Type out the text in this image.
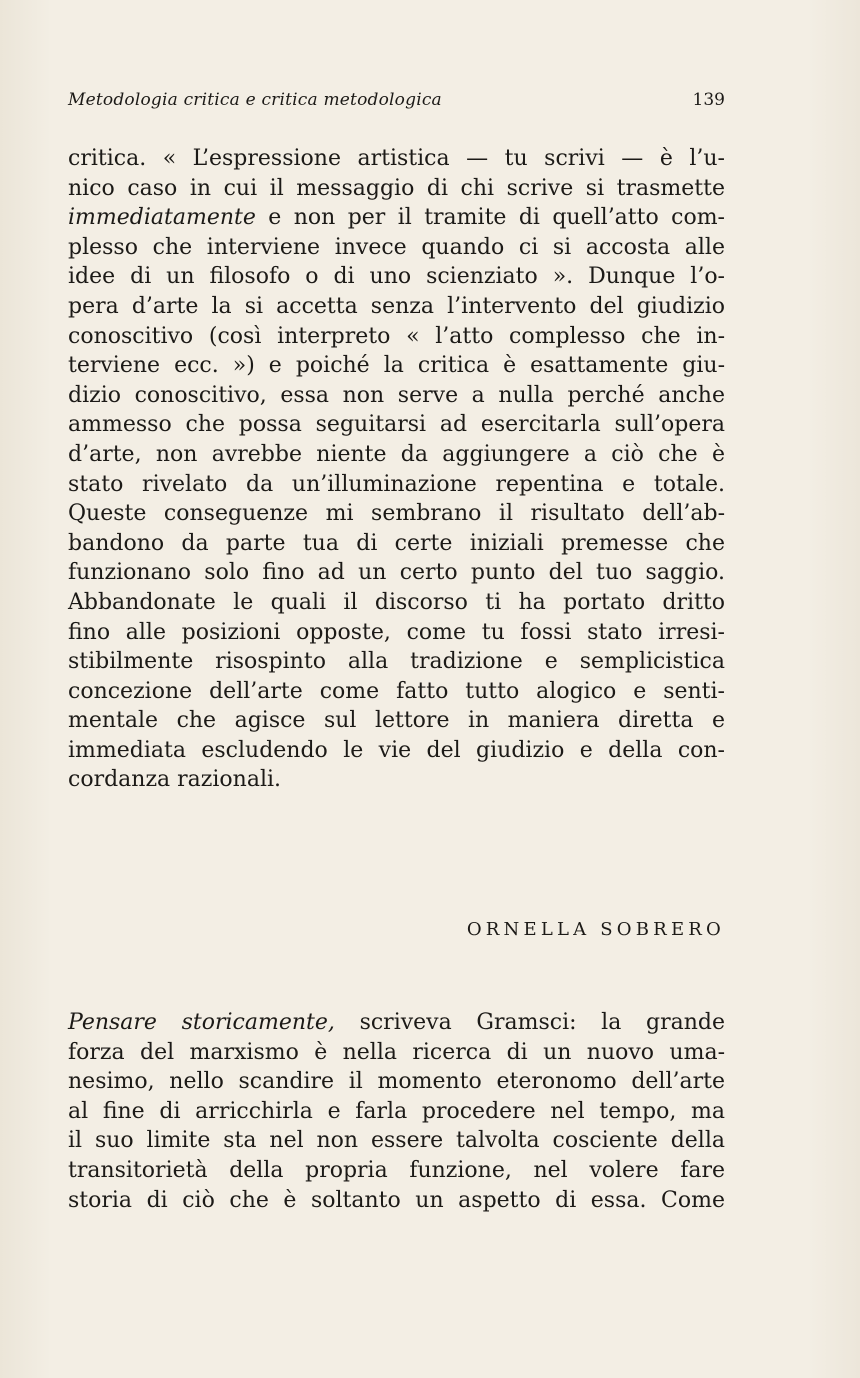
Metodologia critica e critica metodologica	139
critica. « L’espressione artistica — tu scrivi — è l’u-
nico caso in cui il messaggio di chi scrive si trasmette
immediatamente e non per il tramite di quell’atto com-
plesso che interviene invece quando ci si accosta alle
idee di un filosofo o di uno scienziato ». Dunque l’o-
pera d’arte la si accetta senza l’intervento del giudizio
conoscitivo (così interpreto « l’atto complesso che in-
terviene ecc. ») e poiché la critica è esattamente giu-
dizio conoscitivo, essa non serve a nulla perché anche
ammesso che possa seguitarsi ad esercitarla sull’opera
d’arte, non avrebbe niente da aggiungere a ciò che è
stato rivelato da un’illuminazione repentina e totale.
Queste conseguenze mi sembrano il risultato dell’ab-
bandono da parte tua di certe iniziali premesse che
funzionano solo fino ad un certo punto del tuo saggio.
Abbandonate le quali il discorso ti ha portato dritto
fino alle posizioni opposte, come tu fossi stato irresi-
stibilmente risospinto alla tradizione e semplicistica
concezione dell’arte come fatto tutto alogico e senti-
mentale che agisce sul lettore in maniera diretta e
immediata escludendo le vie del giudizio e della con-
cordanza razionali.
ORNELLA SOBRERO
Pensare storicamente, scriveva Gramsci: la grande
forza del marxismo è nella ricerca di un nuovo uma-
nesimo, nello scandire il momento eteronomo dell’arte
al fine di arricchirla e farla procedere nel tempo, ma
il suo limite sta nel non essere talvolta cosciente della
transitorietà della propria funzione, nel volere fare
storia di ciò che è soltanto un aspetto di essa. Come
